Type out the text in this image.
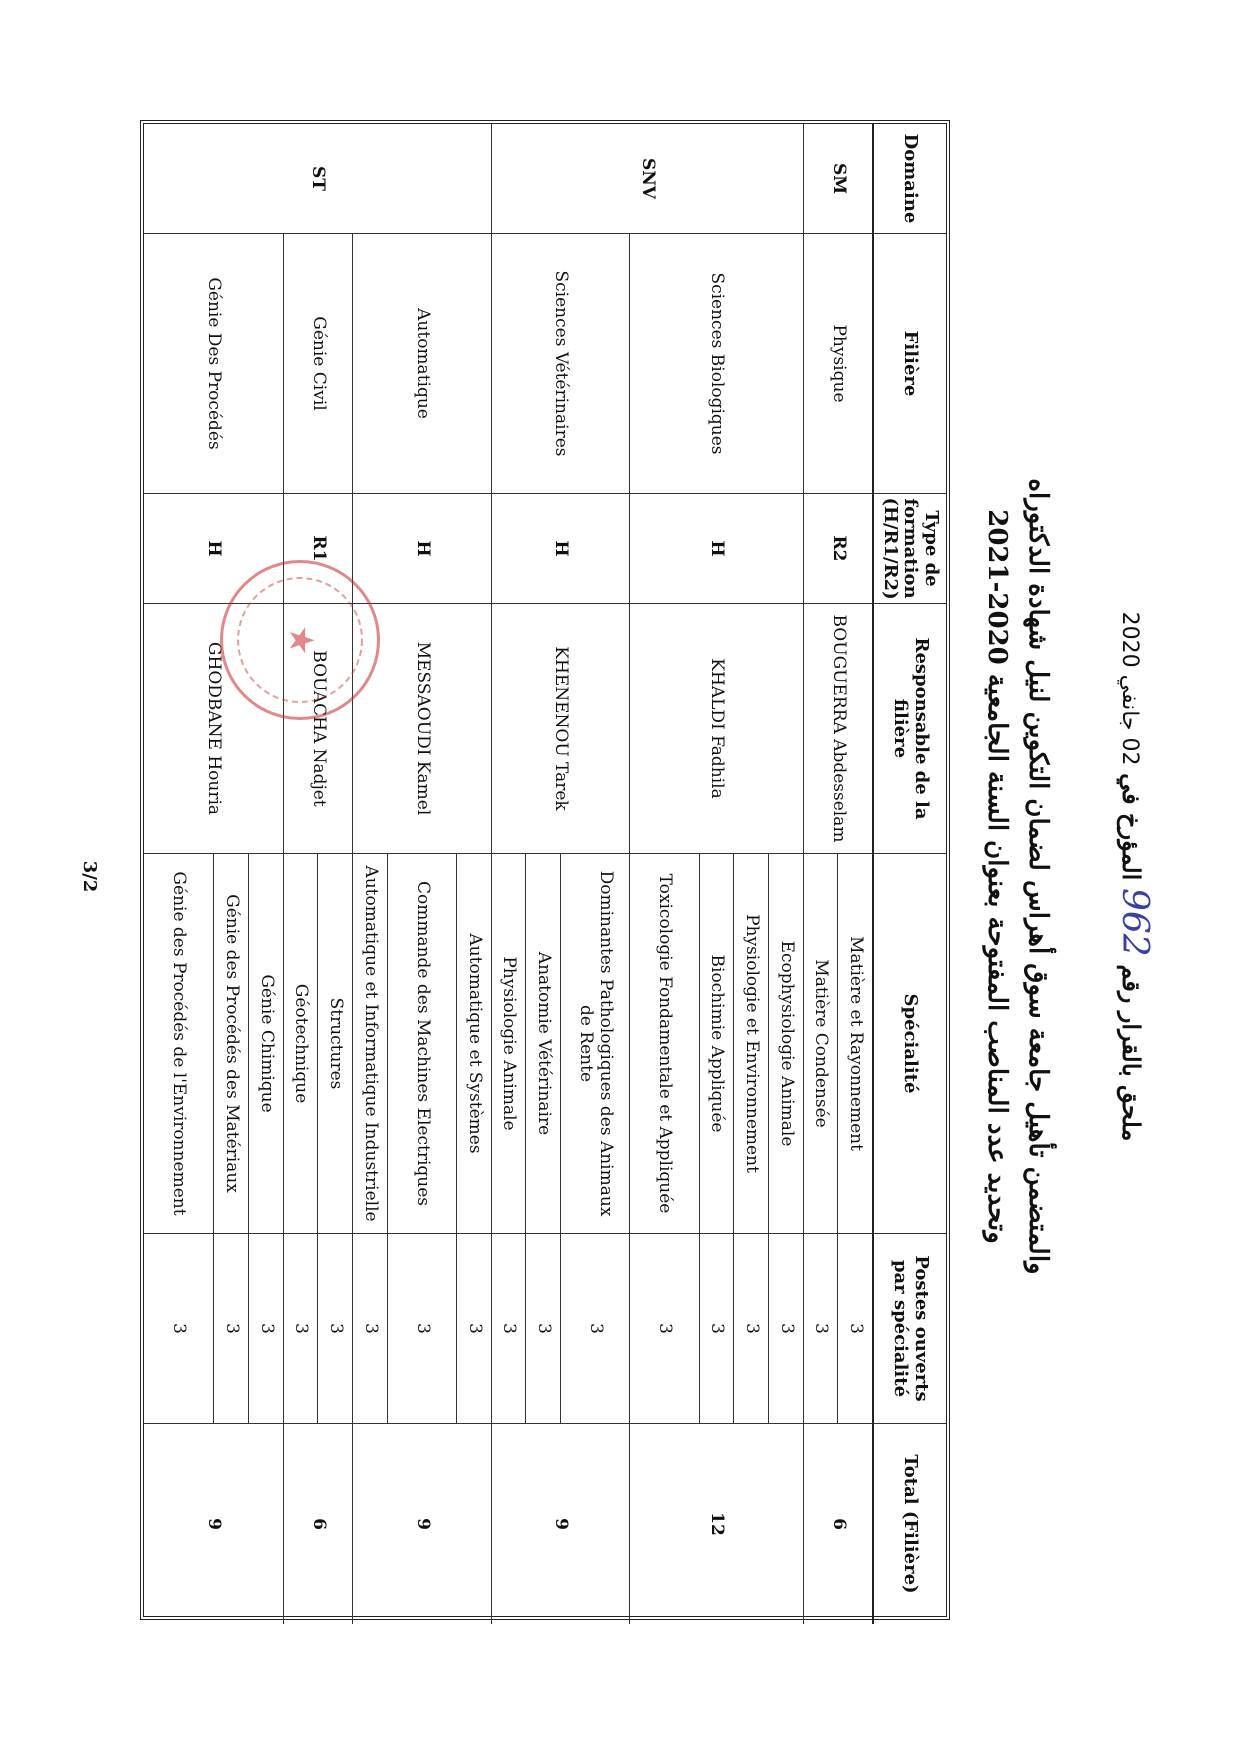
ملحق بالقرار رقم 962 المؤرخ في 02 جانفي 2020
والمتضمن تأهيل جامعة سوق أهراس لضمان التكوين لنيل شهادة الدكتوراه
وتحديد عدد المناصب المفتوحة بعنوان السنة الجامعية 2020-2021
Domaine
Filière
Type de formation (H/R1/R2)
Responsable de la filière
Spécialité
Postes ouverts par spécialité
Total (Filière)
SM
SNV
ST
Physique
R2
BOUGUERRA Abdesselam
6
Sciences Biologiques
H
KHALDI Fadhila
12
Sciences Vétérinaires
H
KHENENOU Tarek
9
Automatique
H
MESSAOUDI Kamel
9
Génie Civil
R1
BOUACHA Nadjet
6
Génie Des Procédés
H
GHODBANE Houria
9
Matière et Rayonnement
3
Matière Condensée
3
Ecophysiologie Animale
3
Physiologie et Environnement
3
Biochimie Appliquée
3
Toxicologie Fondamentale et Appliquée
3
Dominantes Pathologiques des Animaux de Rente
3
Anatomie Vétérinaire
3
Physiologie Animale
3
Automatique et Systèmes
3
Commande des Machines Electriques
3
Automatique et Informatique Industrielle
3
Structures
3
Géotechnique
3
Génie Chimique
3
Génie des Procédés des Matériaux
3
Génie des Procédés de l'Environnement
3
★
3/2
